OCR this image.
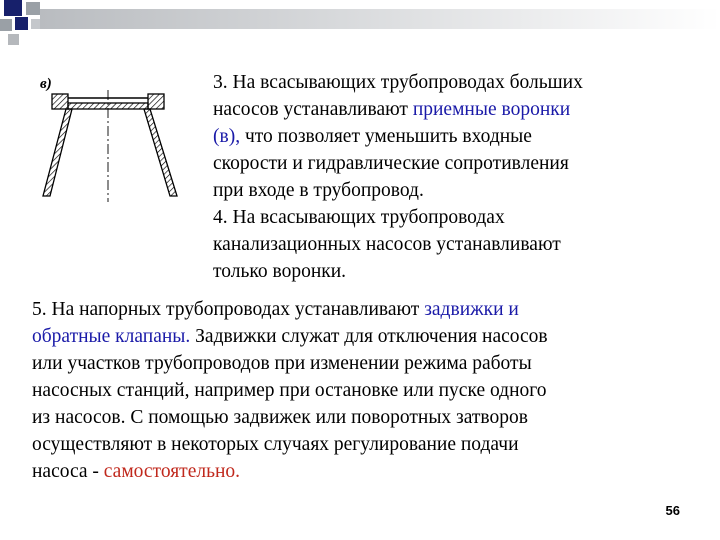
в)	3. На всасывающих трубопроводах больших
насосов устанавливают приемные воронки
(в), что позволяет уменьшить входные
скорости и гидравлические сопротивления
при входе в трубопровод.
4. На всасывающих трубопроводах
канализационных насосов устанавливают
только воронки.
5. На напорных трубопроводах устанавливают задвижки и
обратные клапаны. Задвижки служат для отключения насосов
или участков трубопроводов при изменении режима работы
насосных станций, например при остановке или пуске одного
из насосов. С помощью задвижек или поворотных затворов
осуществляют в некоторых случаях регулирование подачи
насоса - самостоятельно.
56
